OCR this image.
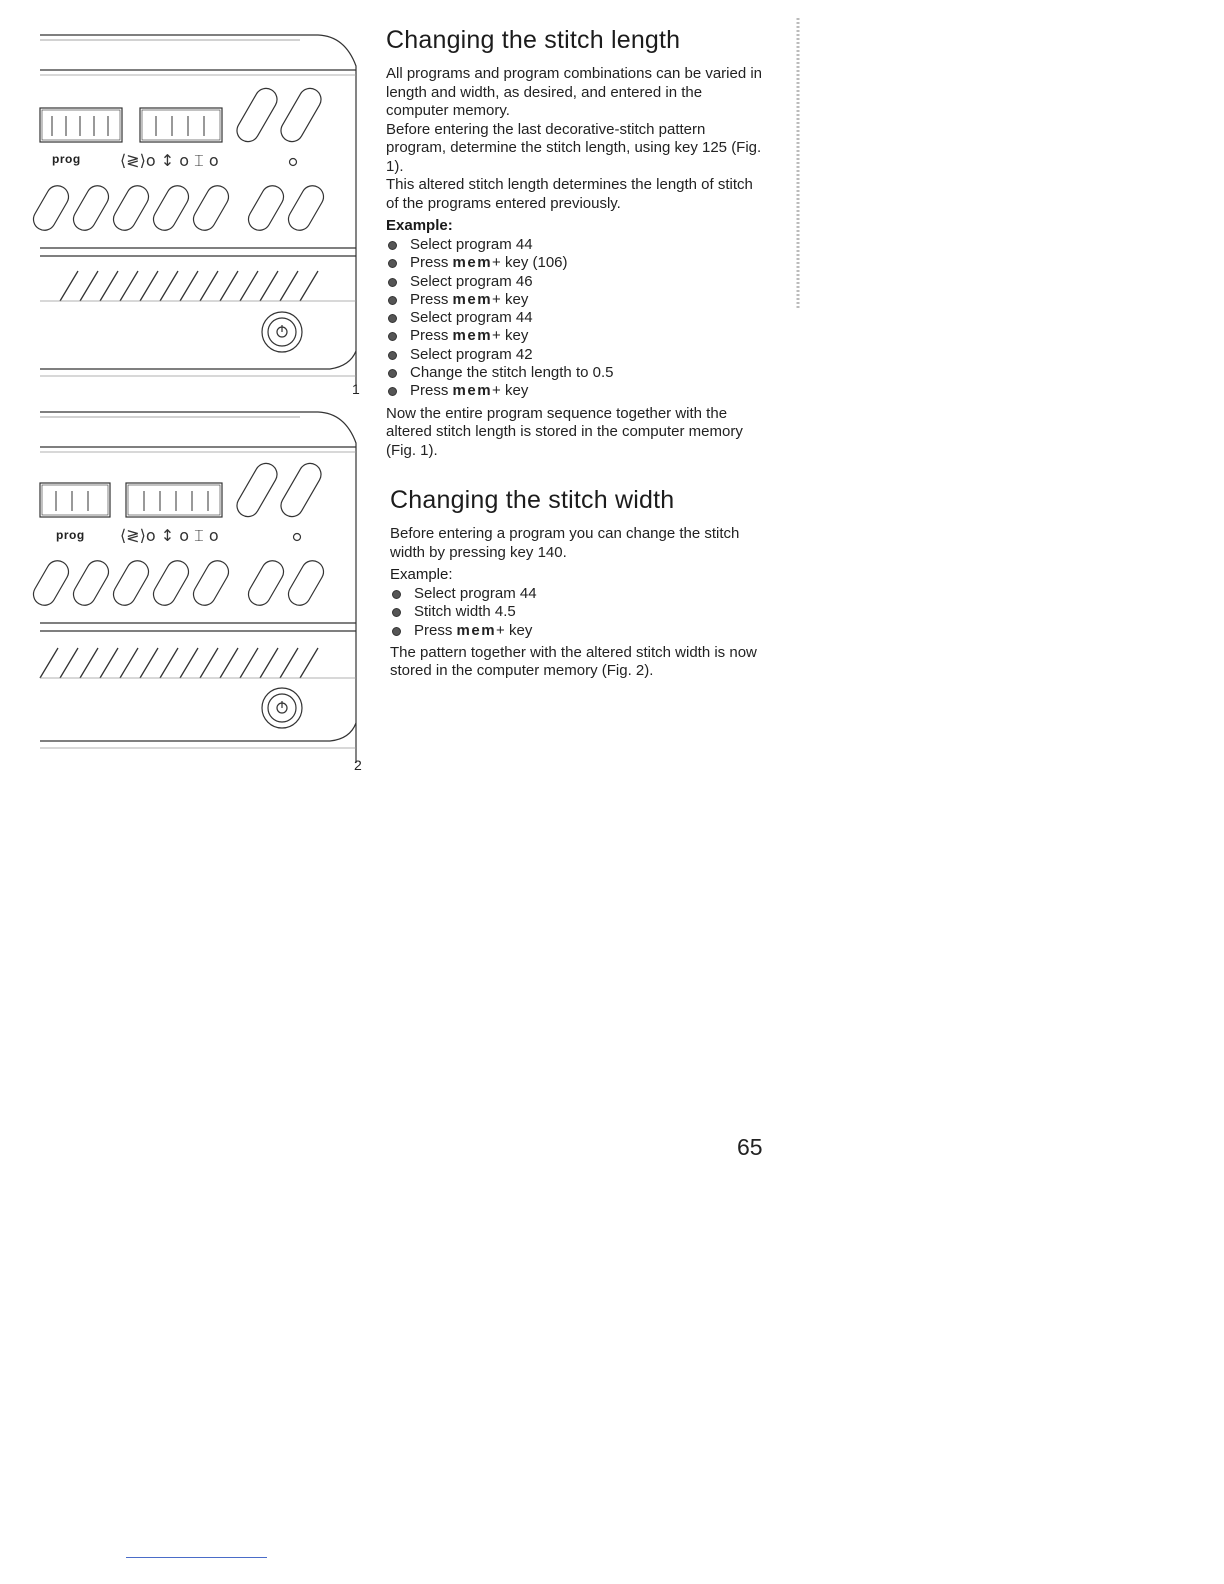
⟨≷⟩o ↕ o ⌶ o
prog
1
⟨≷⟩o ↕ o ⌶ o
prog
2
Changing the stitch length

All programs and program combinations can be varied in length and width, as desired, and entered in the computer memory.

Before entering the last decorative-stitch pattern program, determine the stitch length, using key 125 (Fig. 1).

This altered stitch length determines the length of stitch of the programs entered previously.

Example:
Select program 44
Press mem+ key (106)
Select program 46
Press mem+ key
Select program 44
Press mem+ key
Select program 42
Change the stitch length to 0.5
Press mem+ key

Now the entire program sequence together with the altered stitch length is stored in the computer memory (Fig. 1).

Changing the stitch width

Before entering a program you can change the stitch width by pressing key 140.

Example:
Select program 44
Stitch width 4.5
Press mem+ key

The pattern together with the altered stitch width is now stored in the computer memory (Fig. 2).

65
